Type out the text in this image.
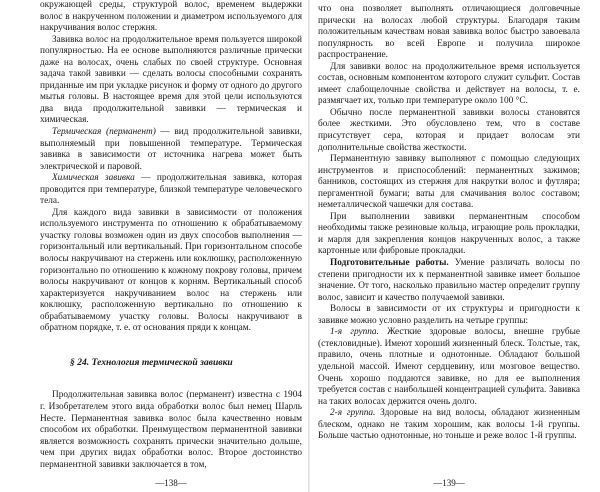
окружающей среды, структурой волос, временем выдержки волос в накрученном положении и диаметром используемого для накручивания волос стержня.

Завивка волос на продолжительное время пользуется широкой популярностью. На ее основе выполняются различные прически даже на волосах, очень слабых по своей структуре. Основная задача такой завивки — сделать волосы способными сохранять приданные им при укладке рисунок и форму от одного до другого мытья головы. В настоящее время для этой цели используются два вида продолжительной завивки — термическая и химическая.

Термическая (перманент) — вид продолжительной завивки, выполняемый при повышенной температуре. Термическая завивка в зависимости от источника нагрева может быть электрической и паровой.

Химическая завивка — продолжительная завивка, которая проводится при температуре, близкой температуре человеческого тела.

Для каждого вида завивки в зависимости от положения используемого инструмента по отношению к обрабатываемому участку головы возможен один из двух способов выполнения — горизонтальный или вертикальный. При горизонтальном способе волосы накручивают на стержень или коклюшку, расположенную горизонтально по отношению к кожному покрову головы, причем волосы накручивают от концов к корням. Вертикальный способ характеризуется накручиванием волос на стержень или коклюшку, расположенную вертикально по отношению к обрабатываемому участку головы. Волосы накручивают в обратном порядке, т. е. от основания пряди к концам.

§ 24. Технология термической завивки

Продолжительная завивка волос (перманент) известна с 1904 г. Изобретателем этого вида обработки волос был немец Шарль Несте. Перманентная завивка волос была качественно новым способом их обработки. Преимуществом перманентной завивки является возможность сохранять прически значительно дольше, чем при других видах обработки волос. Второе достоинство перманентной завивки заключается в том,

—138—

что она позволяет выполнять отличающиеся долговечные прически на волосах любой структуры. Благодаря таким положительным качествам новая завивка волос быстро завоевала популярность во всей Европе и получила широкое распространение.

Для завивки волос на продолжительное время используется состав, основным компонентом которого служит сульфит. Состав имеет слабощелочные свойства и действует на волосы, т. е. размягчает их, только при температуре около 100 °С.

Обычно после перманентной завивки волосы становятся более жесткими. Это обусловлено тем, что в составе присутствует сера, которая и придает волосам эти дополнительные свойства жесткости.

Перманентную завивку выполняют с помощью следующих инструментов и приспособлений: перманентных зажимов; банников, состоящих из стержня для накрутки волос и футляра; пергаментной бумаги; ваты для смачивания волос составом; неметаллической чашечки для состава.

При выполнении завивки перманентным способом необходимы также резиновые кольца, играющие роль прокладки, и марля для закрепления концов накрученных волос, а также картонные или фибровые прокладки.

Подготовительные работы. Умение различать волосы по степени пригодности их к перманентной завивке имеет большое значение. От того, насколько правильно мастер определит группу волос, зависит и качество получаемой завивки.

Волосы в зависимости от их структуры и пригодности к завивке можно условно разделить на четыре группы:

1-я группа. Жесткие здоровые волосы, внешне грубые (стекловидные). Имеют хороший жизненный блеск. Толстые, так, правило, очень плотные и однотонные. Обладают большой удельной массой. Имеют сердцевину, или мозговое вещество. Очень хорошо поддаются завивке, но для ее выполнения требуется состав с наибольшей концентрацией сульфита. Завивка на таких волосах держится очень долго.

2-я группа. Здоровые на вид волосы, обладают жизненным блеском, однако не таким хорошим, как волосы 1-й группы. Больше частью однотонные, но тоньше и реже волос 1-й группы.

—139—
